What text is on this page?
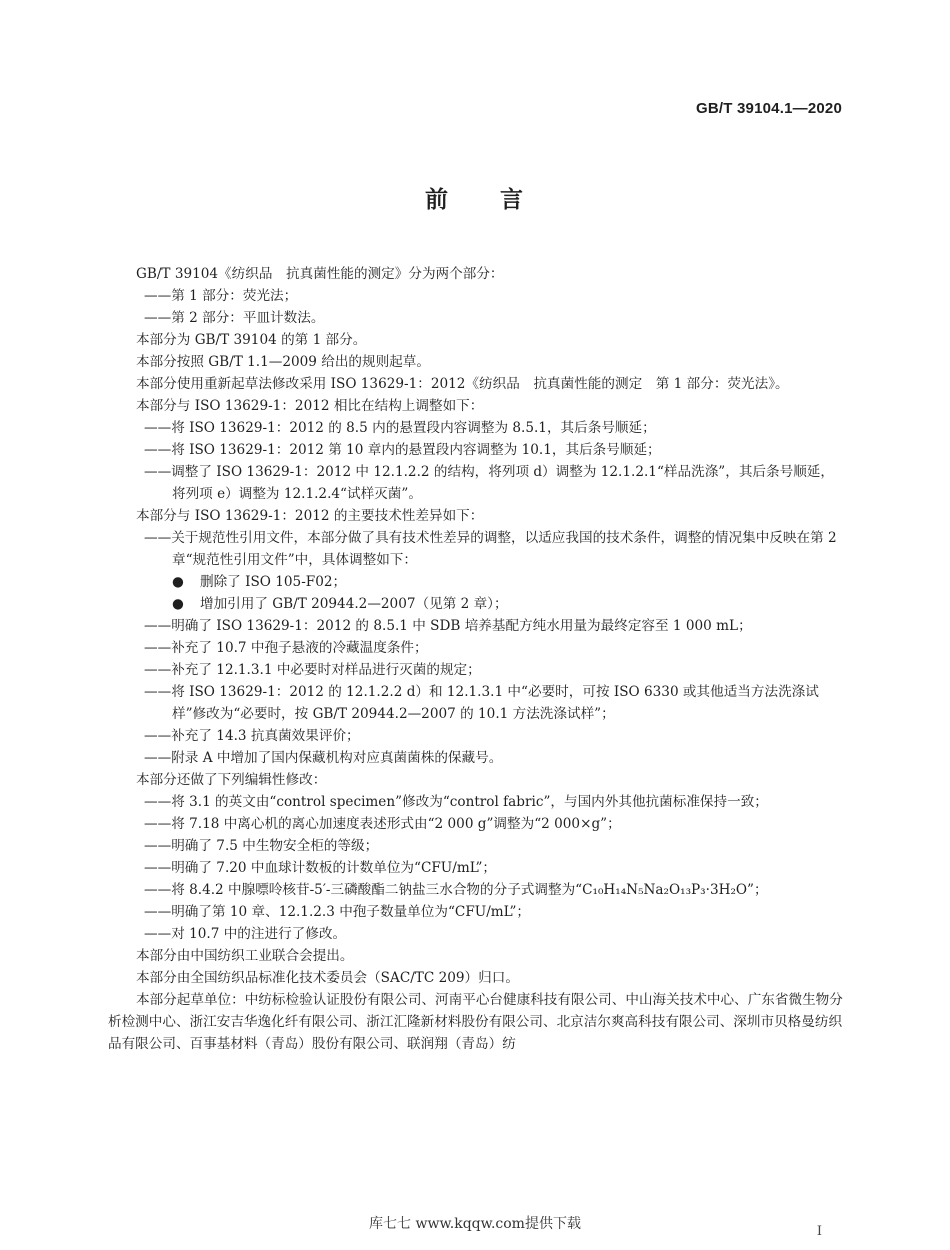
GB/T 39104.1—2020
前　　言

GB/T 39104《纺织品　抗真菌性能的测定》分为两个部分：

——第 1 部分：荧光法；

——第 2 部分：平皿计数法。

本部分为 GB/T 39104 的第 1 部分。

本部分按照 GB/T 1.1—2009 给出的规则起草。

本部分使用重新起草法修改采用 ISO 13629-1：2012《纺织品　抗真菌性能的测定　第 1 部分：荧光法》。

本部分与 ISO 13629-1：2012 相比在结构上调整如下：

——将 ISO 13629-1：2012 的 8.5 内的悬置段内容调整为 8.5.1，其后条号顺延；

——将 ISO 13629-1：2012 第 10 章内的悬置段内容调整为 10.1，其后条号顺延；

——调整了 ISO 13629-1：2012 中 12.1.2.2 的结构，将列项 d）调整为 12.1.2.1“样品洗涤”，其后条号顺延，将列项 e）调整为 12.1.2.4“试样灭菌”。

本部分与 ISO 13629-1：2012 的主要技术性差异如下：

——关于规范性引用文件，本部分做了具有技术性差异的调整，以适应我国的技术条件，调整的情况集中反映在第 2 章“规范性引用文件”中，具体调整如下：

● 删除了 ISO 105-F02；

● 增加引用了 GB/T 20944.2—2007（见第 2 章）；

——明确了 ISO 13629-1：2012 的 8.5.1 中 SDB 培养基配方纯水用量为最终定容至 1 000 mL；

——补充了 10.7 中孢子悬液的冷藏温度条件；

——补充了 12.1.3.1 中必要时对样品进行灭菌的规定；

——将 ISO 13629-1：2012 的 12.1.2.2 d）和 12.1.3.1 中“必要时，可按 ISO 6330 或其他适当方法洗涤试样”修改为“必要时，按 GB/T 20944.2—2007 的 10.1 方法洗涤试样”；

——补充了 14.3 抗真菌效果评价；

——附录 A 中增加了国内保藏机构对应真菌菌株的保藏号。

本部分还做了下列编辑性修改：

——将 3.1 的英文由“control specimen”修改为“control fabric”，与国内外其他抗菌标准保持一致；

——将 7.18 中离心机的离心加速度表述形式由“2 000 g”调整为“2 000×g”；

——明确了 7.5 中生物安全柜的等级；

——明确了 7.20 中血球计数板的计数单位为“CFU/mL”；

——将 8.4.2 中腺嘌呤核苷-5′-三磷酸酯二钠盐三水合物的分子式调整为“C₁₀H₁₄N₅Na₂O₁₃P₃·3H₂O”；

——明确了第 10 章、12.1.2.3 中孢子数量单位为“CFU/mL”；

——对 10.7 中的注进行了修改。

本部分由中国纺织工业联合会提出。

本部分由全国纺织品标准化技术委员会（SAC/TC 209）归口。

本部分起草单位：中纺标检验认证股份有限公司、河南平心台健康科技有限公司、中山海关技术中心、广东省微生物分析检测中心、浙江安吉华逸化纤有限公司、浙江汇隆新材料股份有限公司、北京洁尔爽高科技有限公司、深圳市贝格曼纺织品有限公司、百事基材料（青岛）股份有限公司、联润翔（青岛）纺

库七七 www.kqqw.com提供下载	I
